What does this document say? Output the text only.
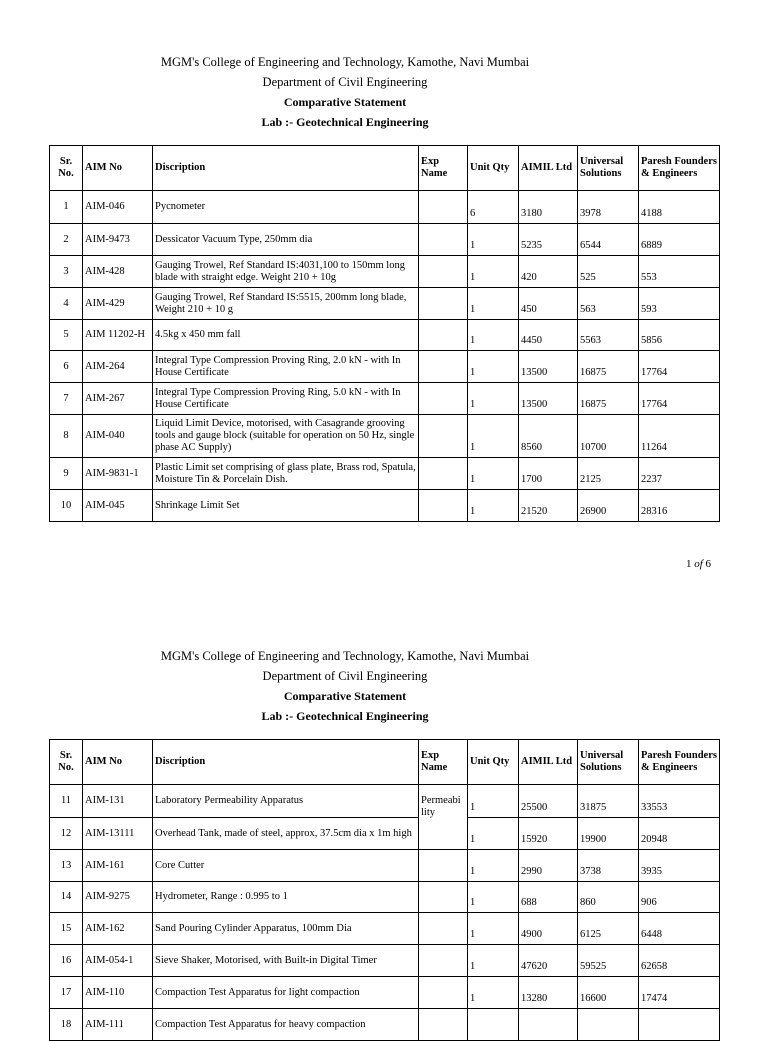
MGM's College of Engineering and Technology, Kamothe, Navi Mumbai
Department of Civil Engineering
Comparative Statement
Lab :- Geotechnical Engineering
Sr. No.	AIM No	Discription	Exp Name	Unit Qty	AIMIL Ltd	Universal Solutions	Paresh Founders & Engineers
1	AIM-046	Pycnometer		6	3180	3978	4188
2	AIM-9473	Dessicator Vacuum Type, 250mm dia		1	5235	6544	6889
3	AIM-428	Gauging Trowel, Ref Standard IS:4031,100 to 150mm long blade with straight edge. Weight 210 + 10g		1	420	525	553
4	AIM-429	Gauging Trowel, Ref Standard IS:5515, 200mm long blade, Weight 210 + 10 g		1	450	563	593
5	AIM 11202-H	4.5kg x 450 mm fall		1	4450	5563	5856
6	AIM-264	Integral Type Compression Proving Ring, 2.0 kN - with In House Certificate		1	13500	16875	17764
7	AIM-267	Integral Type Compression Proving Ring, 5.0 kN - with In House Certificate		1	13500	16875	17764
8	AIM-040	Liquid Limit Device, motorised, with Casagrande grooving tools and gauge block (suitable for operation on 50 Hz, single phase AC Supply)		1	8560	10700	11264
9	AIM-9831-1	Plastic Limit set comprising of glass plate, Brass rod, Spatula, Moisture Tin & Porcelain Dish.		1	1700	2125	2237
10	AIM-045	Shrinkage Limit Set		1	21520	26900	28316
1 of 6
MGM's College of Engineering and Technology, Kamothe, Navi Mumbai
Department of Civil Engineering
Comparative Statement
Lab :- Geotechnical Engineering
Sr. No.	AIM No	Discription	Exp Name	Unit Qty	AIMIL Ltd	Universal Solutions	Paresh Founders & Engineers
11	AIM-131	Laboratory Permeability Apparatus	Permeabi lity	1	25500	31875	33553
12	AIM-13111	Overhead Tank, made of steel, approx, 37.5cm dia x 1m high		1	15920	19900	20948
13	AIM-161	Core Cutter		1	2990	3738	3935
14	AIM-9275	Hydrometer, Range : 0.995 to 1		1	688	860	906
15	AIM-162	Sand Pouring Cylinder Apparatus, 100mm Dia		1	4900	6125	6448
16	AIM-054-1	Sieve Shaker, Motorised, with Built-in Digital Timer		1	47620	59525	62658
17	AIM-110	Compaction Test Apparatus for light compaction		1	13280	16600	17474
18	AIM-111	Compaction Test Apparatus for heavy compaction					
